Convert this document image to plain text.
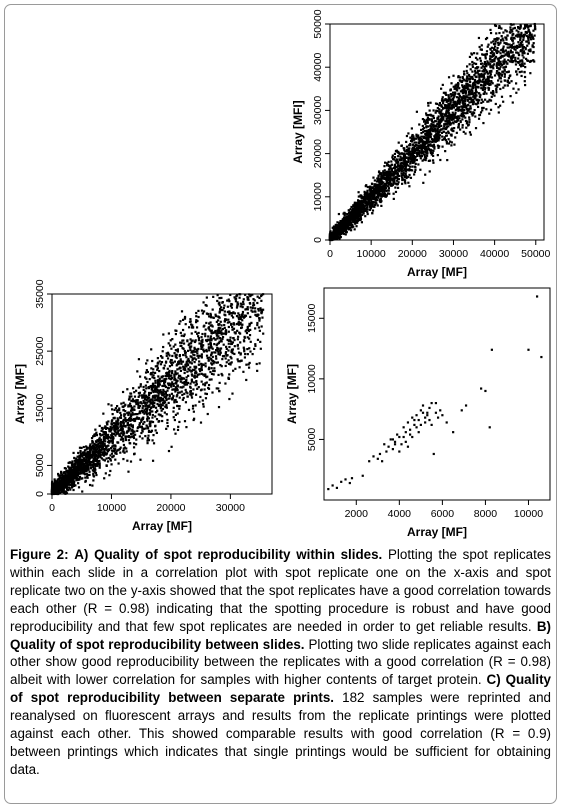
0
10000
20000
30000
40000
50000
0 10000 20000 30000 40000 50000
Array [MF]
Array [MFI]
0
5000
15000
25000
35000
0	10000	20000	30000
Array [MF]
Array [MF]
5000
10000
15000
2000 4000 6000 8000 10000
Array [MF]
Array [MF]
Figure 2: A) Quality of spot reproducibility within slides. Plotting the spot replicates within each slide in a correlation plot with spot replicate one on the x-axis and spot replicate two on the y-axis showed that the spot replicates have a good correlation towards each other (R = 0.98) indicating that the spotting procedure is robust and have good reproducibility and that few spot replicates are needed in order to get reliable results. B) Quality of spot reproducibility between slides. Plotting two slide replicates against each other show good reproducibility between the replicates with a good correlation (R = 0.98) albeit with lower correlation for samples with higher contents of target protein. C) Quality of spot reproducibility between separate prints. 182 samples were reprinted and reanalysed on fluorescent arrays and results from the replicate printings were plotted against each other. This showed comparable results with good correlation (R = 0.9) between printings which indicates that single printings would be sufficient for obtaining data.
